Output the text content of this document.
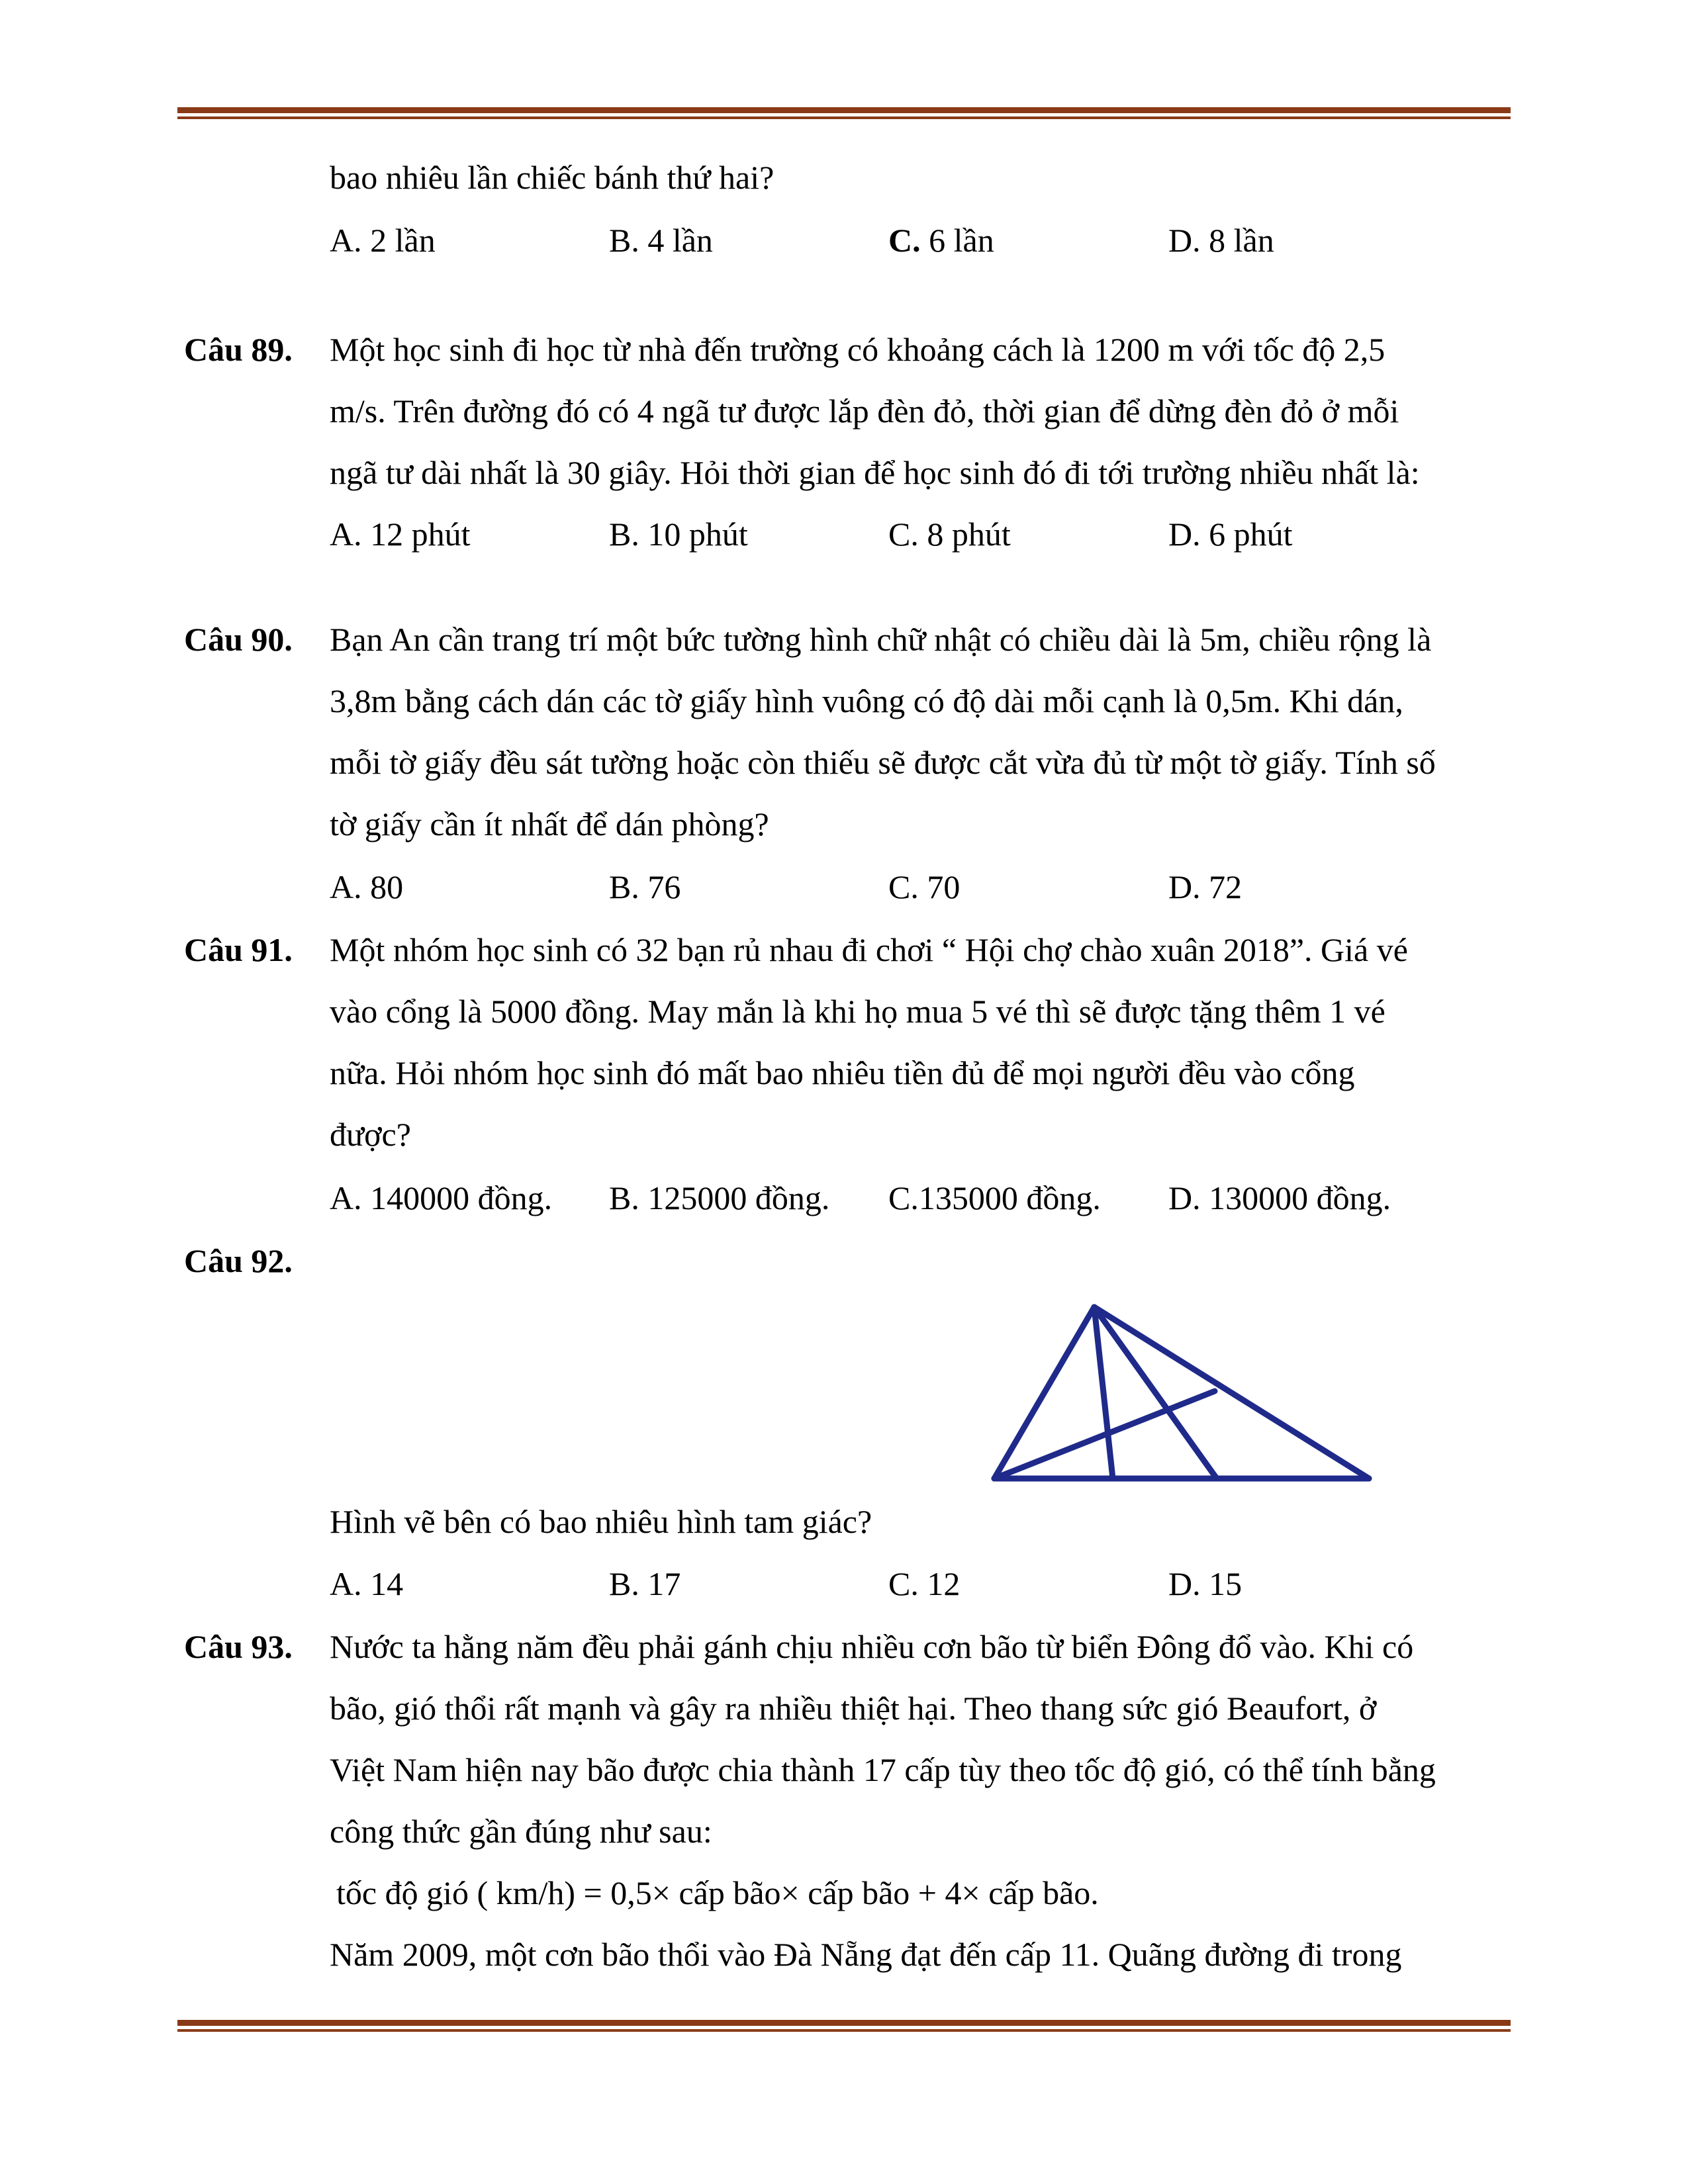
bao nhiêu lần chiếc bánh thứ hai?
A. 2 lần	B. 4 lần	C. 6 lần	D. 8 lần
Câu 89. Một học sinh đi học từ nhà đến trường có khoảng cách là 1200 m với tốc độ 2,5
m/s. Trên đường đó có 4 ngã tư được lắp đèn đỏ, thời gian để dừng đèn đỏ ở mỗi
ngã tư dài nhất là 30 giây. Hỏi thời gian để học sinh đó đi tới trường nhiều nhất là:
A. 12 phút	B. 10 phút	C. 8 phút	D. 6 phút
Câu 90. Bạn An cần trang trí một bức tường hình chữ nhật có chiều dài là 5m, chiều rộng là
3,8m bằng cách dán các tờ giấy hình vuông có độ dài mỗi cạnh là 0,5m. Khi dán,
mỗi tờ giấy đều sát tường hoặc còn thiếu sẽ được cắt vừa đủ từ một tờ giấy. Tính số
tờ giấy cần ít nhất để dán phòng?
A. 80	B. 76	C. 70	D. 72
Câu 91. Một nhóm học sinh có 32 bạn rủ nhau đi chơi “ Hội chợ chào xuân 2018”. Giá vé
vào cổng là 5000 đồng. May mắn là khi họ mua 5 vé thì sẽ được tặng thêm 1 vé
nữa. Hỏi nhóm học sinh đó mất bao nhiêu tiền đủ để mọi người đều vào cổng
được?
A. 140000 đồng. B. 125000 đồng. C.135000 đồng. D. 130000 đồng.
Câu 92.
Hình vẽ bên có bao nhiêu hình tam giác?
A. 14	B. 17	C. 12	D. 15
Câu 93. Nước ta hằng năm đều phải gánh chịu nhiều cơn bão từ biển Đông đổ vào. Khi có
bão, gió thổi rất mạnh và gây ra nhiều thiệt hại. Theo thang sức gió Beaufort, ở
Việt Nam hiện nay bão được chia thành 17 cấp tùy theo tốc độ gió, có thể tính bằng
công thức gần đúng như sau:
tốc độ gió ( km/h) = 0,5× cấp bão× cấp bão + 4× cấp bão.
Năm 2009, một cơn bão thổi vào Đà Nẵng đạt đến cấp 11. Quãng đường đi trong
